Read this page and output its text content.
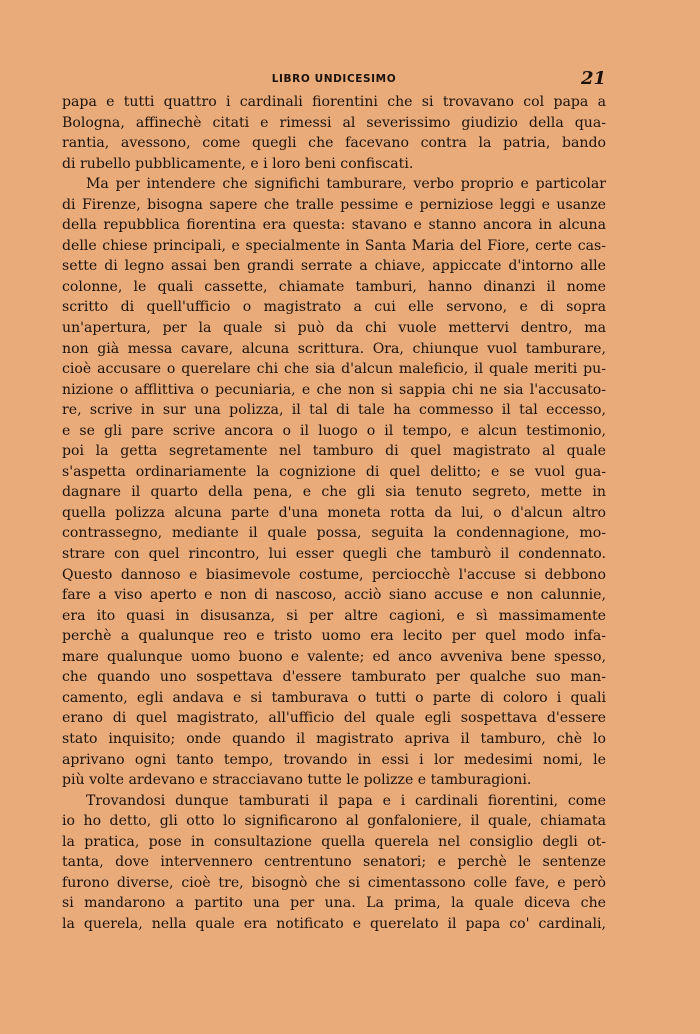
LIBRO UNDICESIMO	21
papa e tutti quattro i cardinali fiorentini che si trovavano col papa a
Bologna, affinechè citati e rimessi al severissimo giudizio della qua-
rantia, avessono, come quegli che facevano contra la patria, bando
di rubello pubblicamente, e i loro beni confiscati.
Ma per intendere che significhi tamburare, verbo proprio e particolar
di Firenze, bisogna sapere che tralle pessime e perniziose leggi e usanze
della repubblica fiorentina era questa: stavano e stanno ancora in alcuna
delle chiese principali, e specialmente in Santa Maria del Fiore, certe cas-
sette di legno assai ben grandi serrate a chiave, appiccate d'intorno alle
colonne, le quali cassette, chiamate tamburi, hanno dinanzi il nome
scritto di quell'ufficio o magistrato a cui elle servono, e di sopra
un'apertura, per la quale si può da chi vuole mettervi dentro, ma
non già messa cavare, alcuna scrittura. Ora, chiunque vuol tamburare,
cioè accusare o querelare chi che sia d'alcun maleficio, il quale meriti pu-
nizione o afflittiva o pecuniaria, e che non si sappia chi ne sia l'accusato-
re, scrive in sur una polizza, il tal di tale ha commesso il tal eccesso,
e se gli pare scrive ancora o il luogo o il tempo, e alcun testimonio,
poi la getta segretamente nel tamburo di quel magistrato al quale
s'aspetta ordinariamente la cognizione di quel delitto; e se vuol gua-
dagnare il quarto della pena, e che gli sia tenuto segreto, mette in
quella polizza alcuna parte d'una moneta rotta da lui, o d'alcun altro
contrassegno, mediante il quale possa, seguita la condennagione, mo-
strare con quel rincontro, lui esser quegli che tamburò il condennato.
Questo dannoso e biasimevole costume, perciocchè l'accuse si debbono
fare a viso aperto e non di nascoso, acciò siano accuse e non calunnie,
era ito quasi in disusanza, si per altre cagioni, e sì massimamente
perchè a qualunque reo e tristo uomo era lecito per quel modo infa-
mare qualunque uomo buono e valente; ed anco avveniva bene spesso,
che quando uno sospettava d'essere tamburato per qualche suo man-
camento, egli andava e si tamburava o tutti o parte di coloro i quali
erano di quel magistrato, all'ufficio del quale egli sospettava d'essere
stato inquisito; onde quando il magistrato apriva il tamburo, chè lo
aprivano ogni tanto tempo, trovando in essi i lor medesimi nomi, le
più volte ardevano e stracciavano tutte le polizze e tamburagioni.
Trovandosi dunque tamburati il papa e i cardinali fiorentini, come
io ho detto, gli otto lo significarono al gonfaloniere, il quale, chiamata
la pratica, pose in consultazione quella querela nel consiglio degli ot-
tanta, dove intervennero centrentuno senatori; e perchè le sentenze
furono diverse, cioè tre, bisognò che si cimentassono colle fave, e però
si mandarono a partito una per una. La prima, la quale diceva che
la querela, nella quale era notificato e querelato il papa co' cardinali,
